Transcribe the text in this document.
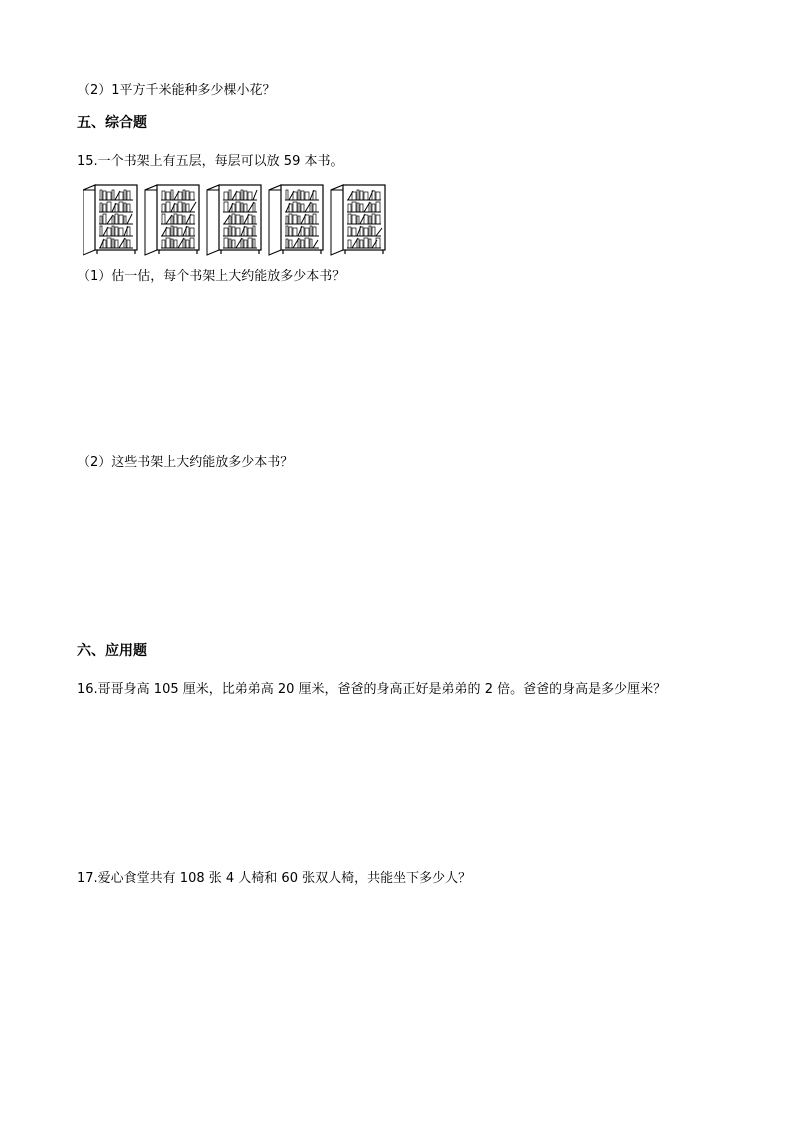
（2）1平方千米能种多少棵小花？
五、综合题
15.一个书架上有五层，每层可以放 59 本书。
（1）估一估，每个书架上大约能放多少本书？
（2）这些书架上大约能放多少本书？
六、应用题
16.哥哥身高 105 厘米，比弟弟高 20 厘米，爸爸的身高正好是弟弟的 2 倍。爸爸的身高是多少厘米？
17.爱心食堂共有 108 张 4 人椅和 60 张双人椅，共能坐下多少人？
